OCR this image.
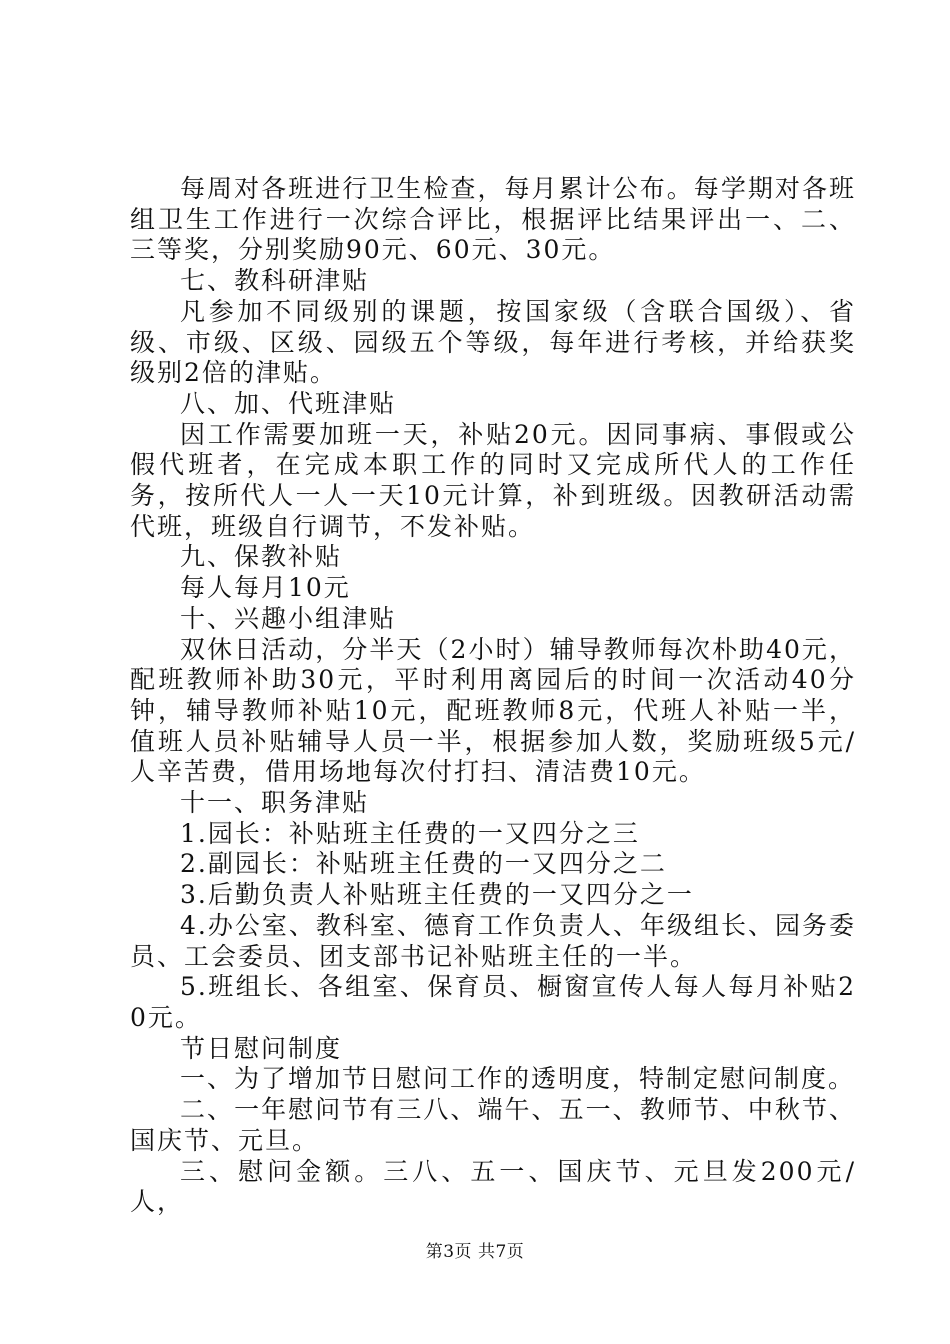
每周对各班进行卫生检查，每月累计公布。每学期对各班组卫生工作进行一次综合评比，根据评比结果评出一、二、三等奖，分别奖励90元、60元、30元。

七、教科研津贴

凡参加不同级别的课题，按国家级（含联合国级）、省级、市级、区级、园级五个等级，每年进行考核，并给获奖级别2倍的津贴。

八、加、代班津贴

因工作需要加班一天，补贴20元。因同事病、事假或公假代班者，在完成本职工作的同时又完成所代人的工作任务，按所代人一人一天10元计算，补到班级。因教研活动需代班，班级自行调节，不发补贴。

九、保教补贴

每人每月10元

十、兴趣小组津贴

双休日活动，分半天（2小时）辅导教师每次朴助40元，配班教师补助30元，平时利用离园后的时间一次活动40分钟，辅导教师补贴10元，配班教师8元，代班人补贴一半，值班人员补贴辅导人员一半，根据参加人数，奖励班级5元/人辛苦费，借用场地每次付打扫、清洁费10元。

十一、职务津贴

1.园长：补贴班主任费的一又四分之三

2.副园长：补贴班主任费的一又四分之二

3.后勤负责人补贴班主任费的一又四分之一

4.办公室、教科室、德育工作负责人、年级组长、园务委员、工会委员、团支部书记补贴班主任的一半。

5.班组长、各组室、保育员、橱窗宣传人每人每月补贴20元。

节日慰问制度

一、为了增加节日慰问工作的透明度，特制定慰问制度。

二、一年慰问节有三八、端午、五一、教师节、中秋节、国庆节、元旦。

三、慰问金额。三八、五一、国庆节、元旦发200元/人，

第3页 共7页
